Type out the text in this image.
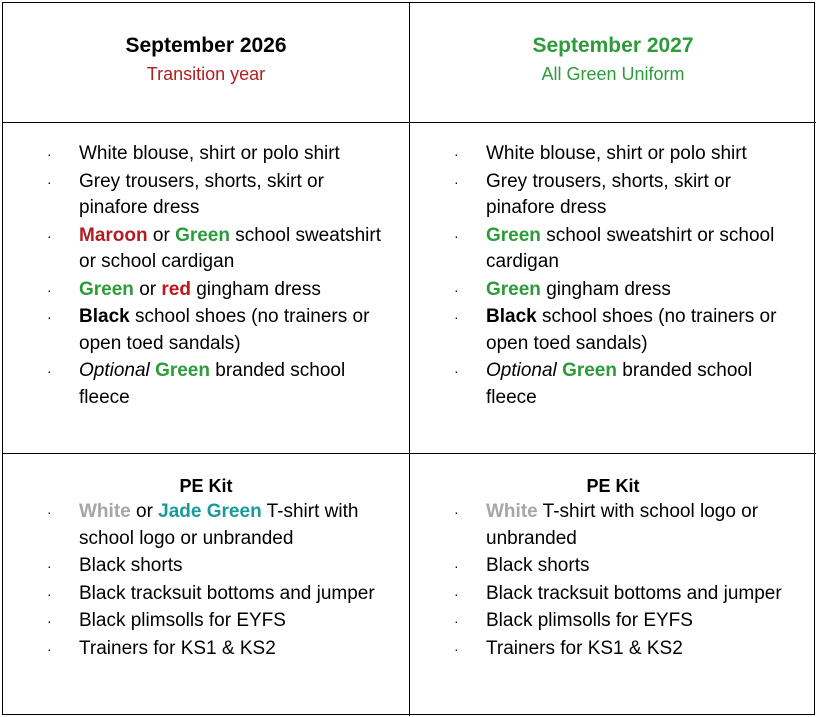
September 2026
Transition year
September 2027
All Green Uniform
· White blouse, shirt or polo shirt
· Grey trousers, shorts, skirt or pinafore dress
· Maroon or Green school sweatshirt or school cardigan
· Green or red gingham dress
· Black school shoes (no trainers or open toed sandals)
· Optional Green branded school fleece
· White blouse, shirt or polo shirt
· Grey trousers, shorts, skirt or pinafore dress
· Green school sweatshirt or school cardigan
· Green gingham dress
· Black school shoes (no trainers or open toed sandals)
· Optional Green branded school fleece
PE Kit
· White or Jade Green T-shirt with school logo or unbranded
· Black shorts
· Black tracksuit bottoms and jumper
· Black plimsolls for EYFS
· Trainers for KS1 & KS2
PE Kit
· White T-shirt with school logo or unbranded
· Black shorts
· Black tracksuit bottoms and jumper
· Black plimsolls for EYFS
· Trainers for KS1 & KS2
